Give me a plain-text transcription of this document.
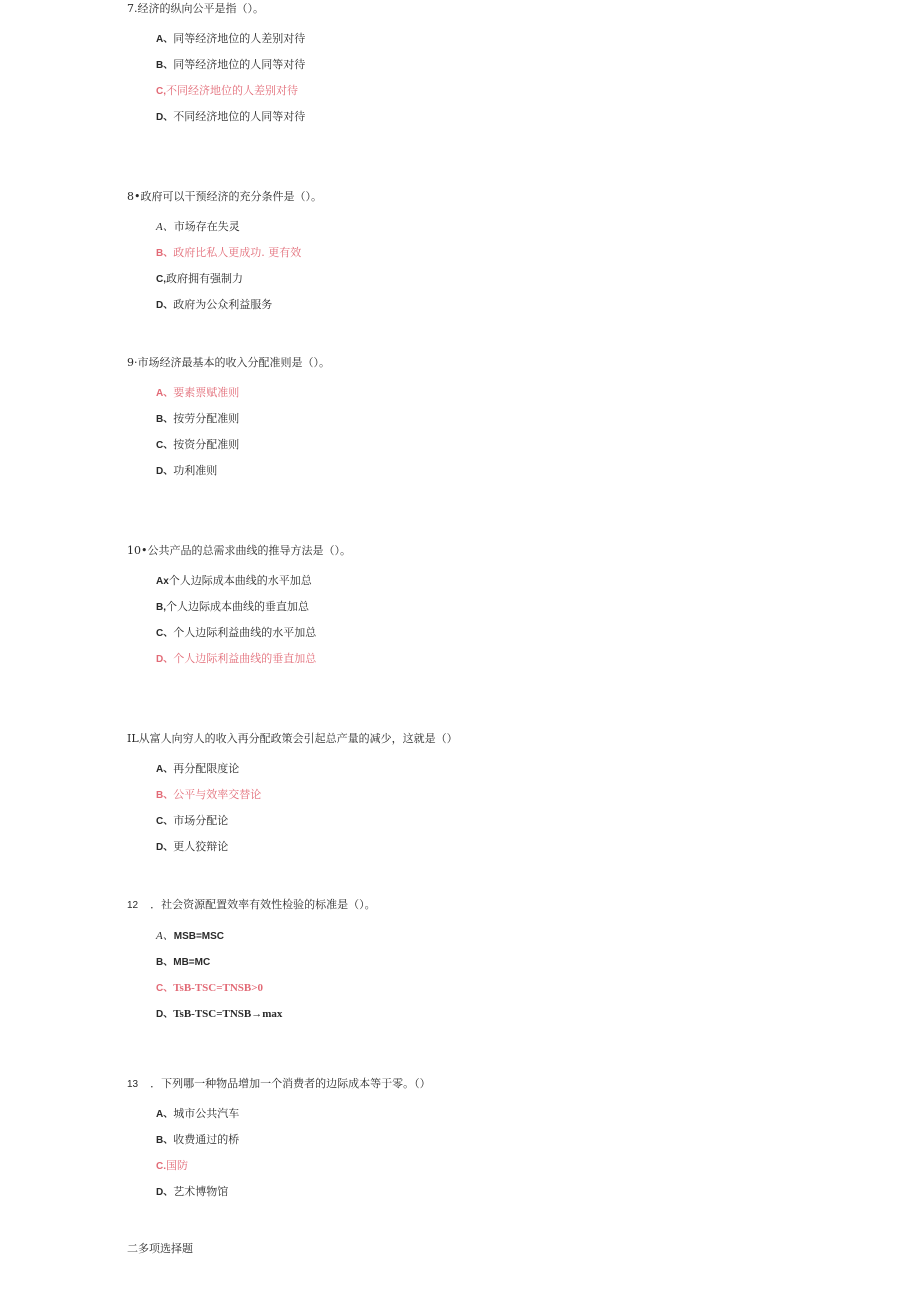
7.经济的纵向公平是指（）。
A、同等经济地位的人差别对待
B、同等经济地位的人同等对待
C,不同经济地位的人差别对待
D、不同经济地位的人同等对待
8•政府可以干预经济的充分条件是（）。
A、市场存在失灵
B、政府比私人更成功. 更有效
C,政府拥有强制力
D、政府为公众利益服务
9·市场经济最基本的收入分配准则是（）。
A、要素票赋准则
B、按劳分配准则
C、按资分配准则
D、功利准则
10•公共产品的总需求曲线的推导方法是（）。
Ax个人边际成本曲线的水平加总
B,个人边际成本曲线的垂直加总
C、个人边际利益曲线的水平加总
D、个人边际利益曲线的垂直加总
IL从富人向穷人的收入再分配政策会引起总产量的减少，这就是（）
A、再分配限度论
B、公平与效率交替论
C、市场分配论
D、更人狡辩论
12 ．社会资源配置效率有效性检验的标准是（）。
A、MSB=MSC
B、MB=MC
C、TsB-TSC=TNSB>0
D、TsB-TSC=TNSB→max
13 ．下列哪一种物品增加一个消费者的边际成本等于零。（）
A、城市公共汽车
B、收费通过的桥
C.国防
D、艺术博物馆
二多项选择题
